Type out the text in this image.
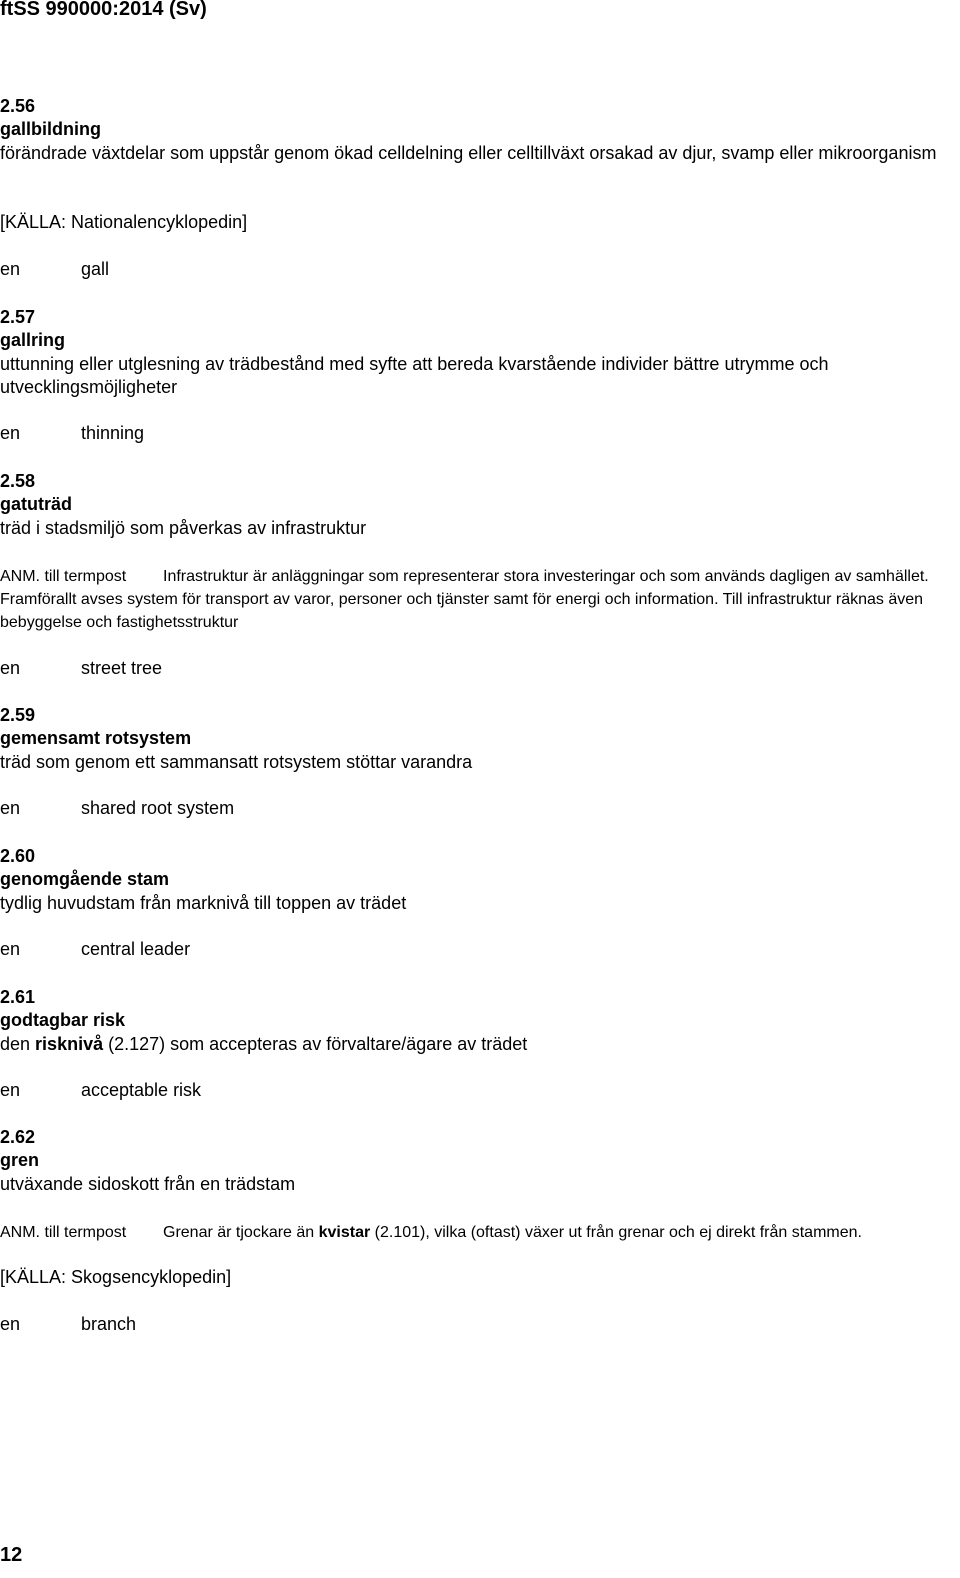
ftSS 990000:2014 (Sv)
2.56
gallbildning
förändrade växtdelar som uppstår genom ökad celldelning eller celltillväxt orsakad av djur, svamp eller mikroorganism
[KÄLLA: Nationalencyklopedin]
en	gall
2.57
gallring
uttunning eller utglesning av trädbestånd med syfte att bereda kvarstående individer bättre utrymme och utvecklingsmöjligheter
en	thinning
2.58
gatuträd
träd i stadsmiljö som påverkas av infrastruktur
ANM. till termpost Infrastruktur är anläggningar som representerar stora investeringar och som används dagligen av samhället. Framförallt avses system för transport av varor, personer och tjänster samt för energi och information. Till infrastruktur räknas även bebyggelse och fastighetsstruktur
en	street tree
2.59
gemensamt rotsystem
träd som genom ett sammansatt rotsystem stöttar varandra
en	shared root system
2.60
genomgående stam
tydlig huvudstam från marknivå till toppen av trädet
en	central leader
2.61
godtagbar risk
den risknivå (2.127) som accepteras av förvaltare/ägare av trädet
en	acceptable risk
2.62
gren
utväxande sidoskott från en trädstam
ANM. till termpost Grenar är tjockare än kvistar (2.101), vilka (oftast) växer ut från grenar och ej direkt från stammen.
[KÄLLA: Skogsencyklopedin]
en	branch
12
